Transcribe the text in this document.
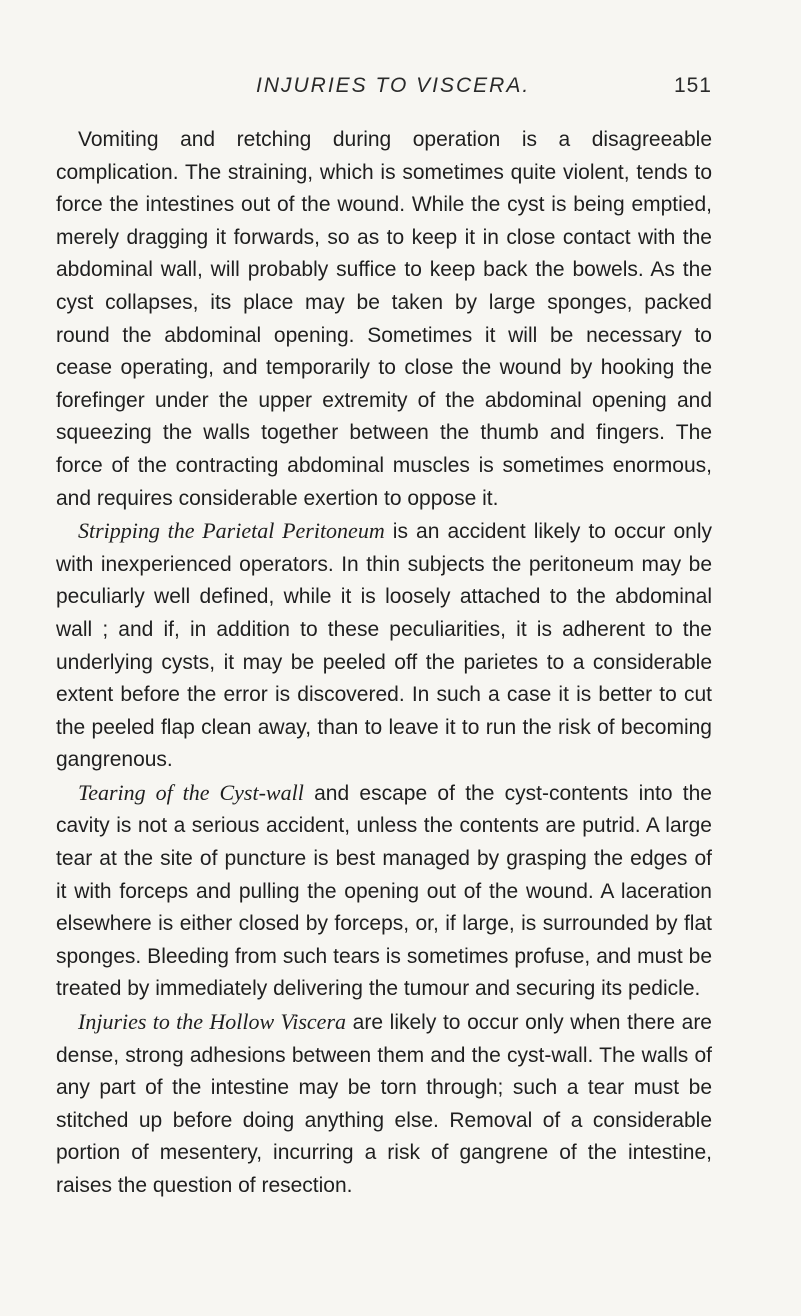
INJURIES TO VISCERA.	151

Vomiting and retching during operation is a disagreeable complication. The straining, which is sometimes quite violent, tends to force the intestines out of the wound. While the cyst is being emptied, merely dragging it forwards, so as to keep it in close contact with the abdominal wall, will probably suffice to keep back the bowels. As the cyst collapses, its place may be taken by large sponges, packed round the abdominal opening. Sometimes it will be necessary to cease operating, and temporarily to close the wound by hooking the forefinger under the upper extremity of the abdominal opening and squeezing the walls together between the thumb and fingers. The force of the contracting abdominal muscles is sometimes enormous, and requires considerable exertion to oppose it.

Stripping the Parietal Peritoneum is an accident likely to occur only with inexperienced operators. In thin subjects the peritoneum may be peculiarly well defined, while it is loosely attached to the abdominal wall ; and if, in addition to these peculiarities, it is adherent to the underlying cysts, it may be peeled off the parietes to a considerable extent before the error is discovered. In such a case it is better to cut the peeled flap clean away, than to leave it to run the risk of becoming gangrenous.

Tearing of the Cyst-wall and escape of the cyst-contents into the cavity is not a serious accident, unless the contents are putrid. A large tear at the site of puncture is best managed by grasping the edges of it with forceps and pulling the opening out of the wound. A laceration elsewhere is either closed by forceps, or, if large, is surrounded by flat sponges. Bleeding from such tears is sometimes profuse, and must be treated by immediately delivering the tumour and securing its pedicle.

Injuries to the Hollow Viscera are likely to occur only when there are dense, strong adhesions between them and the cyst-wall. The walls of any part of the intestine may be torn through; such a tear must be stitched up before doing anything else. Removal of a considerable portion of mesentery, incurring a risk of gangrene of the intestine, raises the question of resection.
